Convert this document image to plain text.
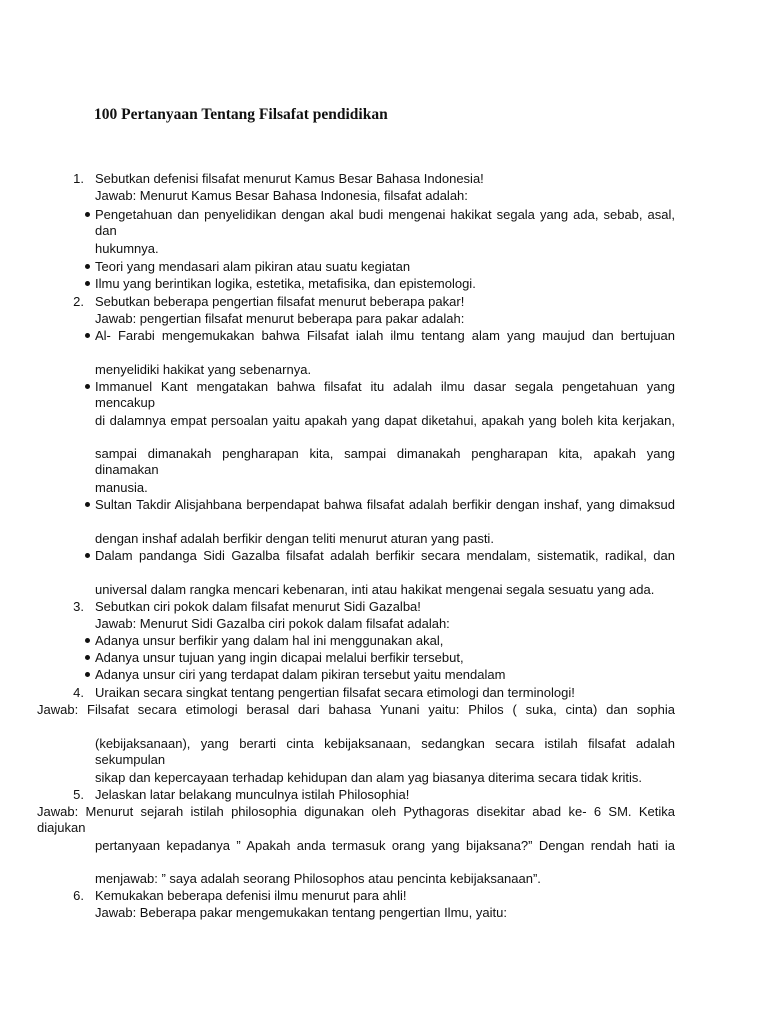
100 Pertanyaan Tentang Filsafat pendidikan
1. Sebutkan defenisi filsafat menurut Kamus Besar Bahasa Indonesia!
Jawab: Menurut Kamus Besar Bahasa Indonesia, filsafat adalah:
Pengetahuan dan penyelidikan dengan akal budi mengenai hakikat segala yang ada, sebab, asal, dan
hukumnya.
Teori yang mendasari alam pikiran atau suatu kegiatan
Ilmu yang berintikan logika, estetika, metafisika, dan epistemologi.
2. Sebutkan beberapa pengertian filsafat menurut beberapa pakar!
Jawab: pengertian filsafat menurut beberapa para pakar adalah:
Al- Farabi mengemukakan bahwa Filsafat ialah ilmu tentang alam yang maujud dan bertujuan
menyelidiki hakikat yang sebenarnya.
Immanuel Kant mengatakan bahwa filsafat itu adalah ilmu dasar segala pengetahuan yang mencakup
di dalamnya empat persoalan yaitu apakah yang dapat diketahui, apakah yang boleh kita kerjakan,
sampai dimanakah pengharapan kita, sampai dimanakah pengharapan kita, apakah yang dinamakan
manusia.
Sultan Takdir Alisjahbana berpendapat bahwa filsafat adalah berfikir dengan inshaf, yang dimaksud
dengan inshaf adalah berfikir dengan teliti menurut aturan yang pasti.
Dalam pandanga Sidi Gazalba filsafat adalah berfikir secara mendalam, sistematik, radikal, dan
universal dalam rangka mencari kebenaran, inti atau hakikat mengenai segala sesuatu yang ada.
3. Sebutkan ciri pokok dalam filsafat menurut Sidi Gazalba!
Jawab: Menurut Sidi Gazalba ciri pokok dalam filsafat adalah:
Adanya unsur berfikir yang dalam hal ini menggunakan akal,
Adanya unsur tujuan yang ingin dicapai melalui berfikir tersebut,
Adanya unsur ciri yang terdapat dalam pikiran tersebut yaitu mendalam
4. Uraikan secara singkat tentang pengertian filsafat secara etimologi dan terminologi!
Jawab: Filsafat secara etimologi berasal dari bahasa Yunani yaitu: Philos ( suka, cinta) dan sophia
(kebijaksanaan), yang berarti cinta kebijaksanaan, sedangkan secara istilah filsafat adalah sekumpulan
sikap dan kepercayaan terhadap kehidupan dan alam yag biasanya diterima secara tidak kritis.
5. Jelaskan latar belakang munculnya istilah Philosophia!
Jawab: Menurut sejarah istilah philosophia digunakan oleh Pythagoras disekitar abad ke- 6 SM. Ketika diajukan
pertanyaan kepadanya ” Apakah anda termasuk orang yang bijaksana?” Dengan rendah hati ia
menjawab: ” saya adalah seorang Philosophos atau pencinta kebijaksanaan”.
6. Kemukakan beberapa defenisi ilmu menurut para ahli!
Jawab: Beberapa pakar mengemukakan tentang pengertian Ilmu, yaitu:
